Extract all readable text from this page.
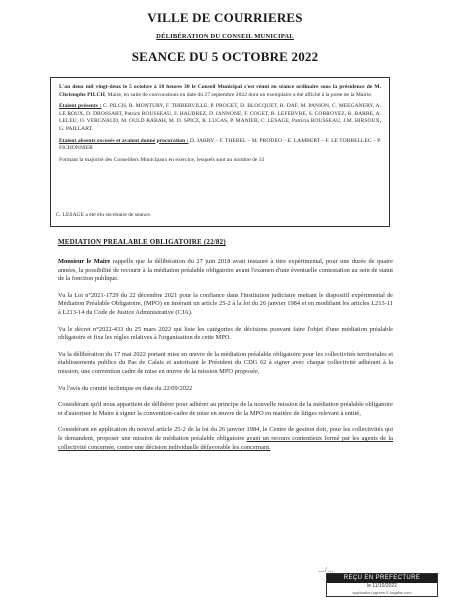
VILLE DE COURRIERES
DÉLIBÉRATION DU CONSEIL MUNICIPAL
SEANCE DU 5 OCTOBRE 2022

L'an deux mil vingt-deux le 5 octobre à 18 heures 30 le Conseil Municipal s'est réuni en séance ordinaire sous la présidence de M. Christophe PILCH, Maire, en suite de convocations en date du 27 septembre 2022 dont un exemplaire a été affiché à la porte de la Mairie.

Etaient présents : C. PILCH, R. MONTURY, F. THIBERVILLE, P. PROGET, D. BLOCQUET, H. DAF, M. PANION, C. MEEGANERY, A. LE ROUX, D. DROSSART, Patrick ROUSSEAU, F. HAUBREZ, D. IANNONE, F. COGET, B. LEFEBVRE, S. CORROYEZ, R. BARRE, A. LELEU, O. VERGNAUD, M. OULD RABAH, M. D. SPICZ, R. LUCAS, P. MANIER, C. LESAGE, Patricia ROUSSEAU, J.M. HIRSOUX, G. PAILLART.

Etaient absents excusés et avaient donné procuration : D. JARRY – F. THEREL – M. PRODEO – E. LAMBERT – F. LE TORBELLEC – P. FICHONNIER

Formant la majorité des Conseillers Municipaux en exercice, lesquels sont au nombre de 33

C. LESAGE a été élu secrétaire de séance.
MEDIATION PREALABLE OBLIGATOIRE (22/82)

Monsieur le Maire rappelle que la délibération du 27 juin 2018 avait instauré à titre expérimental, pour une durée de quatre années, la possibilité de recourir à la médiation préalable obligatoire avant l'examen d'une éventuelle contestation au sein de statut de la fonction publique.

Vu la Loi n°2021-1729 du 22 décembre 2021 pour la confiance dans l'institution judiciaire mettant le dispositif expérimental de Médiation Préalable Obligatoire, (MPO) en insérant un article 25-2 à la loi du 26 janvier 1984 et en modifiant les articles L213-11 à L213-14 du Code de Justice Administrative (CJA).

Vu le décret n°2022-433 du 25 mars 2022 qui liste les catégories de décisions pouvant faire l'objet d'une médiation préalable obligatoire et fixe les règles relatives à l'organisation de cette MPO.

Vu la délibération du 17 mai 2022 portant mise en œuvre de la médiation préalable obligatoire pour les collectivités territoriales et établissements publics du Pas de Calais et autorisant le Président du CDG 62 à signer avec chaque collectivité adhérant à la mission, une convention cadre de mise en œuvre de la mission MPO proposée,

Vu l'avis du comité technique en date du 22/09/2022

Considérant qu'il nous appartient de délibérer pour adhérer au principe de la nouvelle mission de la médiation préalable obligatoire et d'autoriser le Maire à signer la convention-cadre de mise en œuvre de la MPO en matière de litiges relevant à entité,

Considérant en application du nouvel article 25-2 de la loi du 26 janvier 1984, le Centre de gestion doit, pour les collectivités qui le demandent, proposer une mission de médiation préalable obligatoire avant un recours contentieux formé par les agents de la collectivité concernée, contre une décision individuelle défavorable les concernant.

…/…
REÇU EN PREFECTURE
le 11/10/2022
application agreee E-legalite.com
